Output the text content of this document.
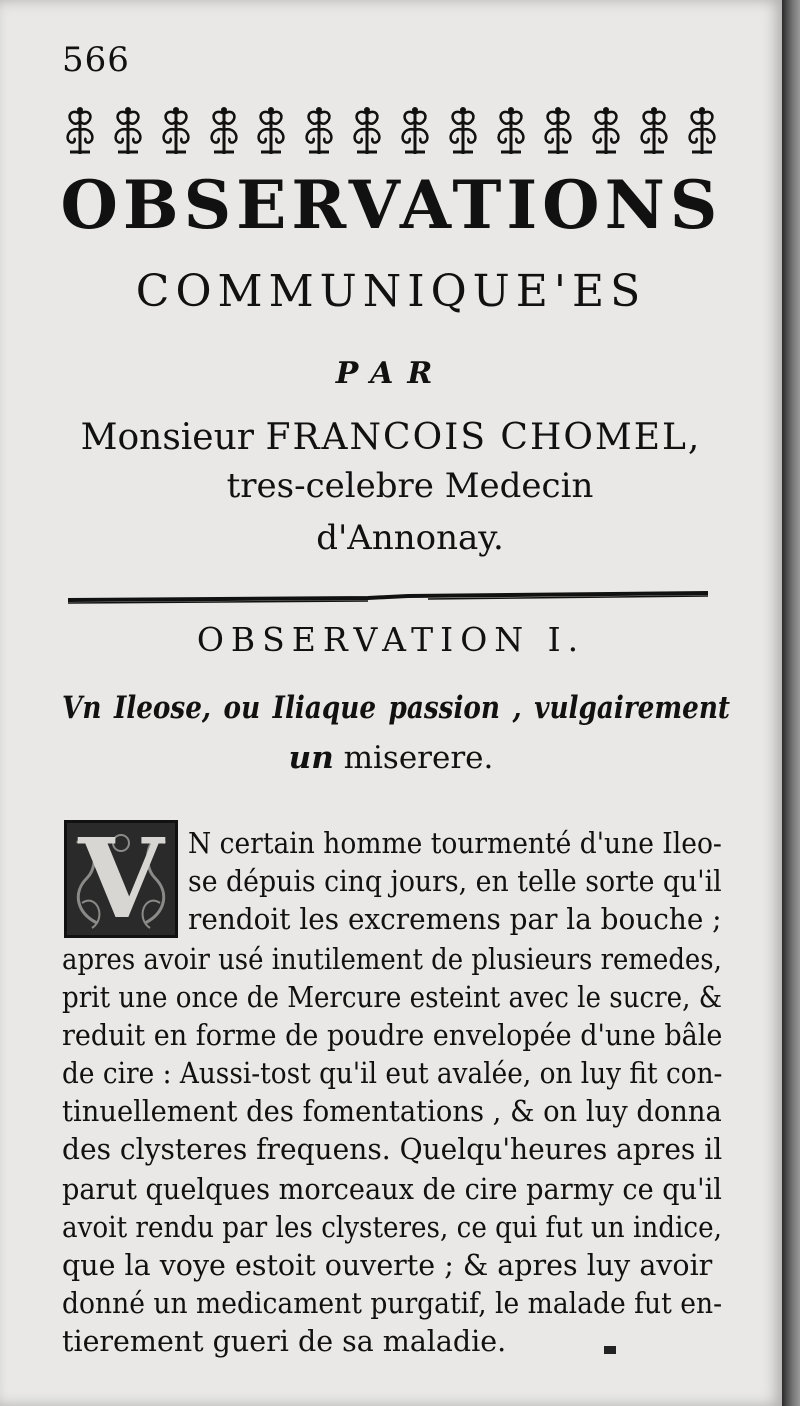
566
OBSERVATIONS
COMMUNIQUE'ES
PAR
Monsieur FRANCOIS CHOMEL,
tres-celebre Medecin
d'Annonay.
OBSERVATION I.
Vn Ileose, ou Iliaque passion , vulgairement
un miserere.
V N certain homme tourmenté d'une Ileo-
se dépuis cinq jours, en telle sorte qu'il
rendoit les excremens par la bouche ;
apres avoir usé inutilement de plusieurs remedes,
prit une once de Mercure esteint avec le sucre, &
reduit en forme de poudre envelopée d'une bâle
de cire : Aussi-tost qu'il eut avalée, on luy fit con-
tinuellement des fomentations , & on luy donna
des clysteres frequens. Quelqu'heures apres il
parut quelques morceaux de cire parmy ce qu'il
avoit rendu par les clysteres, ce qui fut un indice,
que la voye estoit ouverte ; & apres luy avoir
donné un medicament purgatif, le malade fut en-
tierement gueri de sa maladie.
